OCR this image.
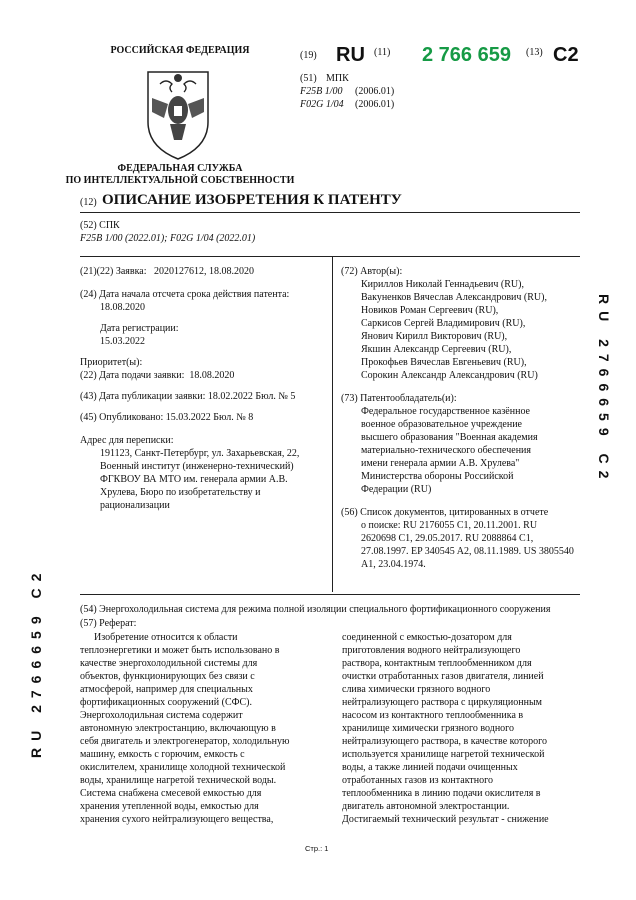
РОССИЙСКАЯ ФЕДЕРАЦИЯ
ФЕДЕРАЛЬНАЯ СЛУЖБА
ПО ИНТЕЛЛЕКТУАЛЬНОЙ СОБСТВЕННОСТИ
(19) RU (11) 2 766 659 (13) C2
(51) МПК
F25B 1/00 (2006.01)
F02G 1/04 (2006.01)
(12) ОПИСАНИЕ ИЗОБРЕТЕНИЯ К ПАТЕНТУ
(52) СПК
F25B 1/00 (2022.01); F02G 1/04 (2022.01)
(21)(22) Заявка: 2020127612, 18.08.2020
(24) Дата начала отсчета срока действия патента:
18.08.2020
Дата регистрации:
15.03.2022
Приоритет(ы):
(22) Дата подачи заявки: 18.08.2020
(43) Дата публикации заявки: 18.02.2022 Бюл. № 5
(45) Опубликовано: 15.03.2022 Бюл. № 8
Адрес для переписки:
191123, Санкт-Петербург, ул. Захарьевская, 22,
Военный институт (инженерно-технический)
ФГКВОУ ВА МТО им. генерала армии А.В.
Хрулева, Бюро по изобретательству и
рационализации
(72) Автор(ы):
Кириллов Николай Геннадьевич (RU),
Вакуненков Вячеслав Александрович (RU),
Новиков Роман Сергеевич (RU),
Саркисов Сергей Владимирович (RU),
Янович Кирилл Викторович (RU),
Якшин Александр Сергеевич (RU),
Прокофьев Вячеслав Евгеньевич (RU),
Сорокин Александр Александрович (RU)
(73) Патентообладатель(и):
Федеральное государственное казённое
военное образовательное учреждение
высшего образования "Военная академия
материально-технического обеспечения
имени генерала армии А.В. Хрулева"
Министерства обороны Российской
Федерации (RU)
(56) Список документов, цитированных в отчете
о поиске: RU 2176055 C1, 20.11.2001. RU
2620698 C1, 29.05.2017. RU 2088864 C1,
27.08.1997. EP 340545 A2, 08.11.1989. US 3805540
A1, 23.04.1974.
RU 2766659 C2
RU 2766659 C2
(54) Энергохолодильная система для режима полной изоляции специального фортификационного сооружения
(57) Реферат:
Изобретение относится к области
теплоэнергетики и может быть использовано в
качестве энергохолодильной системы для
объектов, функционирующих без связи с
атмосферой, например для специальных
фортификационных сооружений (СФС).
Энергохолодильная система содержит
автономную электростанцию, включающую в
себя двигатель и электрогенератор, холодильную
машину, емкость с горючим, емкость с
окислителем, хранилище холодной технической
воды, хранилище нагретой технической воды.
Система снабжена смесевой емкостью для
хранения утепленной воды, емкостью для
хранения сухого нейтрализующего вещества,
соединенной с емкостью-дозатором для
приготовления водного нейтрализующего
раствора, контактным теплообменником для
очистки отработанных газов двигателя, линией
слива химически грязного водного
нейтрализующего раствора с циркуляционным
насосом из контактного теплообменника в
хранилище химически грязного водного
нейтрализующего раствора, в качестве которого
используется хранилище нагретой технической
воды, а также линией подачи очищенных
отработанных газов из контактного
теплообменника в линию подачи окислителя в
двигатель автономной электростанции.
Достигаемый технический результат - снижение
Стр.: 1
